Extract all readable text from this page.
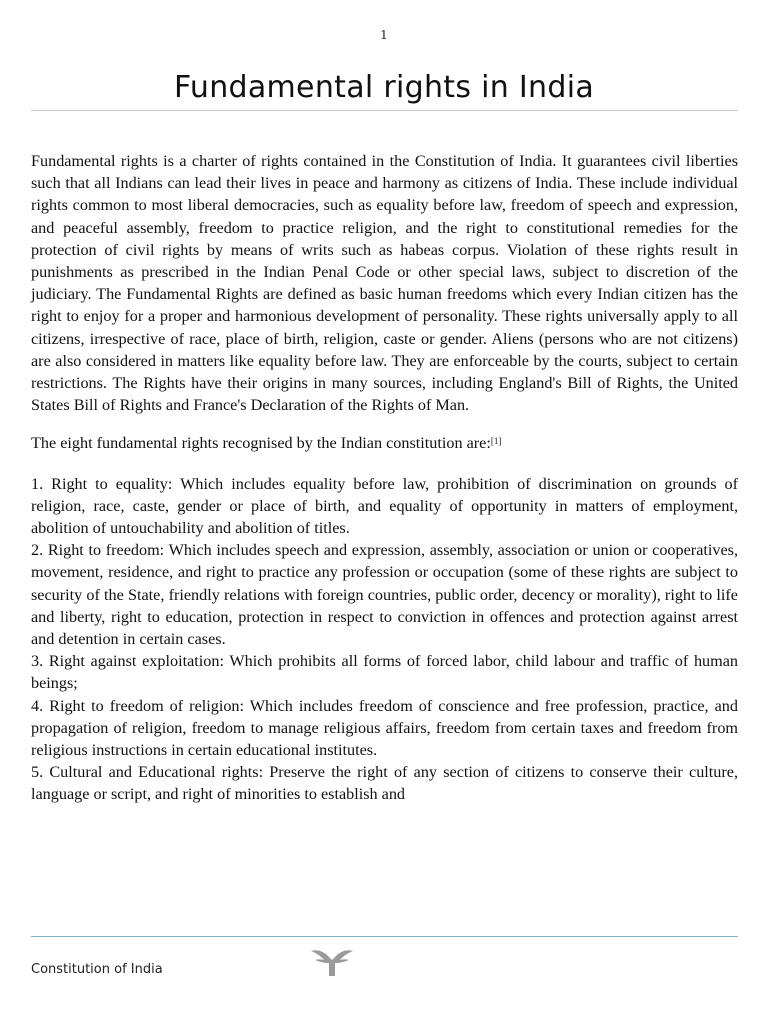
1
Fundamental rights in India

Fundamental rights is a charter of rights contained in the Constitution of India. It guarantees civil liberties such that all Indians can lead their lives in peace and harmony as citizens of India. These include individual rights common to most liberal democracies, such as equality before law, freedom of speech and expression, and peaceful assembly, freedom to practice religion, and the right to constitutional remedies for the protection of civil rights by means of writs such as habeas corpus. Violation of these rights result in punishments as prescribed in the Indian Penal Code or other special laws, subject to discretion of the judiciary. The Fundamental Rights are defined as basic human freedoms which every Indian citizen has the right to enjoy for a proper and harmonious development of personality. These rights universally apply to all citizens, irrespective of race, place of birth, religion, caste or gender. Aliens (persons who are not citizens) are also considered in matters like equality before law. They are enforceable by the courts, subject to certain restrictions. The Rights have their origins in many sources, including England's Bill of Rights, the United States Bill of Rights and France's Declaration of the Rights of Man.

The eight fundamental rights recognised by the Indian constitution are:[1]

1. Right to equality: Which includes equality before law, prohibition of discrimination on grounds of religion, race, caste, gender or place of birth, and equality of opportunity in matters of employment, abolition of untouchability and abolition of titles.

2. Right to freedom: Which includes speech and expression, assembly, association or union or cooperatives, movement, residence, and right to practice any profession or occupation (some of these rights are subject to security of the State, friendly relations with foreign countries, public order, decency or morality), right to life and liberty, right to education, protection in respect to conviction in offences and protection against arrest and detention in certain cases.

3. Right against exploitation: Which prohibits all forms of forced labor, child labour and traffic of human beings;

4. Right to freedom of religion: Which includes freedom of conscience and free profession, practice, and propagation of religion, freedom to manage religious affairs, freedom from certain taxes and freedom from religious instructions in certain educational institutes.

5. Cultural and Educational rights: Preserve the right of any section of citizens to conserve their culture, language or script, and right of minorities to establish and

Constitution of India
